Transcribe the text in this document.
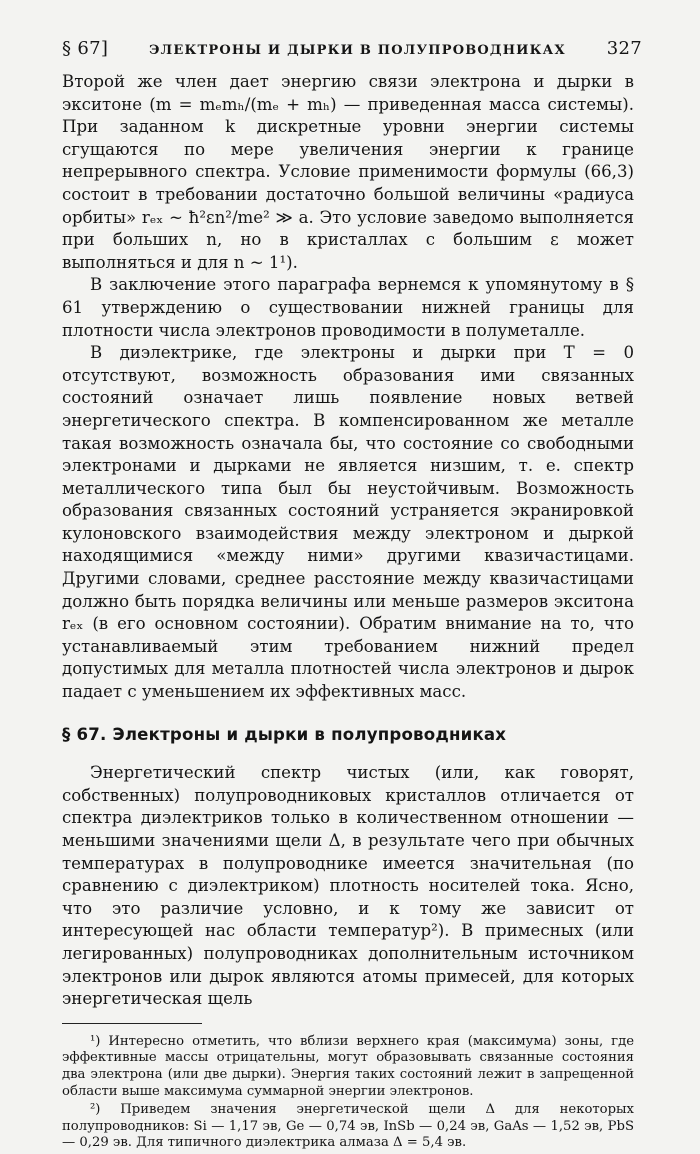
§ 67]	ЭЛЕКТРОНЫ И ДЫРКИ В ПОЛУПРОВОДНИКАХ 327

Второй же член дает энергию связи электрона и дырки в экситоне (m = mₑmₕ/(mₑ + mₕ) — приведенная масса системы). При заданном k дискретные уровни энергии системы сгущаются по мере увеличения энергии к границе непрерывного спектра. Условие применимости формулы (66,3) состоит в требовании достаточно большой величины «радиуса орбиты» rₑₓ ~ ħ²εn²/me² ≫ a. Это условие заведомо выполняется при больших n, но в кристаллах с большим ε может выполняться и для n ~ 1¹).

В заключение этого параграфа вернемся к упомянутому в § 61 утверждению о существовании нижней границы для плотности числа электронов проводимости в полуметалле.

В диэлектрике, где электроны и дырки при T = 0 отсутствуют, возможность образования ими связанных состояний означает лишь появление новых ветвей энергетического спектра. В компенсированном же металле такая возможность означала бы, что состояние со свободными электронами и дырками не является низшим, т. е. спектр металлического типа был бы неустойчивым. Возможность образования связанных состояний устраняется экранировкой кулоновского взаимодействия между электроном и дыркой находящимися «между ними» другими квазичастицами. Другими словами, среднее расстояние между квазичастицами должно быть порядка величины или меньше размеров экситона rₑₓ (в его основном состоянии). Обратим внимание на то, что устанавливаемый этим требованием нижний предел допустимых для металла плотностей числа электронов и дырок падает с уменьшением их эффективных масс.

§ 67. Электроны и дырки в полупроводниках

Энергетический спектр чистых (или, как говорят, собственных) полупроводниковых кристаллов отличается от спектра диэлектриков только в количественном отношении — меньшими значениями щели Δ, в результате чего при обычных температурах в полупроводнике имеется значительная (по сравнению с диэлектриком) плотность носителей тока. Ясно, что это различие условно, и к тому же зависит от интересующей нас области температур²). В примесных (или легированных) полупроводниках дополнительным источником электронов или дырок являются атомы примесей, для которых энергетическая щель

¹) Интересно отметить, что вблизи верхнего края (максимума) зоны, где эффективные массы отрицательны, могут образовывать связанные состояния два электрона (или две дырки). Энергия таких состояний лежит в запрещенной области выше максимума суммарной энергии электронов.

²) Приведем значения энергетической щели Δ для некоторых полупроводников: Si — 1,17 эв, Ge — 0,74 эв, InSb — 0,24 эв, GaAs — 1,52 эв, PbS — 0,29 эв. Для типичного диэлектрика алмаза Δ = 5,4 эв.
